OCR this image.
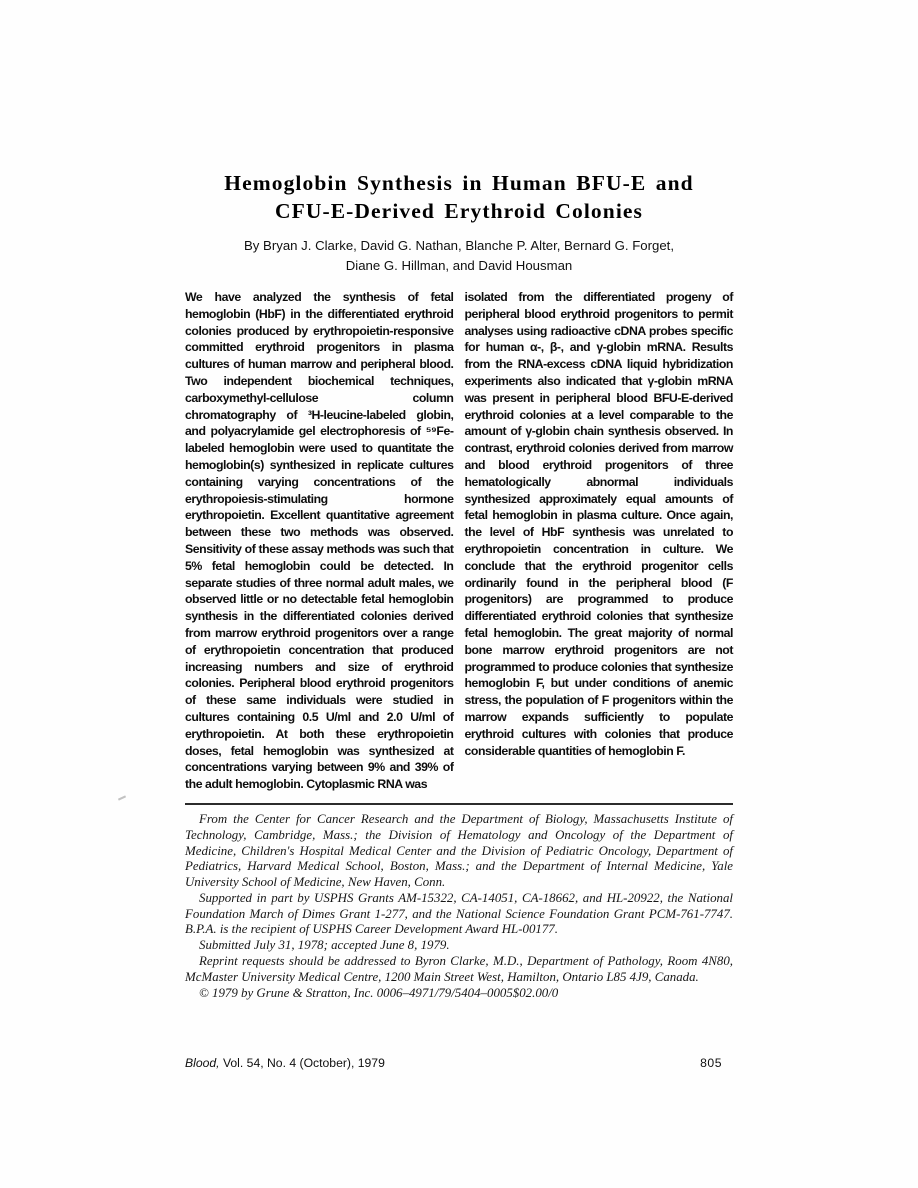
Hemoglobin Synthesis in Human BFU-E and
CFU-E-Derived Erythroid Colonies
By Bryan J. Clarke, David G. Nathan, Blanche P. Alter, Bernard G. Forget,
Diane G. Hillman, and David Housman

We have analyzed the synthesis of fetal hemoglobin (HbF) in the differentiated erythroid colonies produced by erythropoietin-responsive committed erythroid progenitors in plasma cultures of human marrow and peripheral blood. Two independent biochemical techniques, carboxymethyl-cellulose column chromatography of ³H-leucine-labeled globin, and polyacrylamide gel electrophoresis of ⁵⁹Fe-labeled hemoglobin were used to quantitate the hemoglobin(s) synthesized in replicate cultures containing varying concentrations of the erythropoiesis-stimulating hormone erythropoietin. Excellent quantitative agreement between these two methods was observed. Sensitivity of these assay methods was such that 5% fetal hemoglobin could be detected. In separate studies of three normal adult males, we observed little or no detectable fetal hemoglobin synthesis in the differentiated colonies derived from marrow erythroid progenitors over a range of erythropoietin concentration that produced increasing numbers and size of erythroid colonies. Peripheral blood erythroid progenitors of these same individuals were studied in cultures containing 0.5 U/ml and 2.0 U/ml of erythropoietin. At both these erythropoietin doses, fetal hemoglobin was synthesized at concentrations varying between 9% and 39% of the adult hemoglobin. Cytoplasmic RNA was

isolated from the differentiated progeny of peripheral blood erythroid progenitors to permit analyses using radioactive cDNA probes specific for human α-, β-, and γ-globin mRNA. Results from the RNA-excess cDNA liquid hybridization experiments also indicated that γ-globin mRNA was present in peripheral blood BFU-E-derived erythroid colonies at a level comparable to the amount of γ-globin chain synthesis observed. In contrast, erythroid colonies derived from marrow and blood erythroid progenitors of three hematologically abnormal individuals synthesized approximately equal amounts of fetal hemoglobin in plasma culture. Once again, the level of HbF synthesis was unrelated to erythropoietin concentration in culture. We conclude that the erythroid progenitor cells ordinarily found in the peripheral blood (F progenitors) are programmed to produce differentiated erythroid colonies that synthesize fetal hemoglobin. The great majority of normal bone marrow erythroid progenitors are not programmed to produce colonies that synthesize hemoglobin F, but under conditions of anemic stress, the population of F progenitors within the marrow expands sufficiently to populate erythroid cultures with colonies that produce considerable quantities of hemoglobin F.

From the Center for Cancer Research and the Department of Biology, Massachusetts Institute of Technology, Cambridge, Mass.; the Division of Hematology and Oncology of the Department of Medicine, Children's Hospital Medical Center and the Division of Pediatric Oncology, Department of Pediatrics, Harvard Medical School, Boston, Mass.; and the Department of Internal Medicine, Yale University School of Medicine, New Haven, Conn.

Supported in part by USPHS Grants AM-15322, CA-14051, CA-18662, and HL-20922, the National Foundation March of Dimes Grant 1-277, and the National Science Foundation Grant PCM-761-7747. B.P.A. is the recipient of USPHS Career Development Award HL-00177.

Submitted July 31, 1978; accepted June 8, 1979.

Reprint requests should be addressed to Byron Clarke, M.D., Department of Pathology, Room 4N80, McMaster University Medical Centre, 1200 Main Street West, Hamilton, Ontario L85 4J9, Canada.

© 1979 by Grune & Stratton, Inc. 0006–4971/79/5404–0005$02.00/0

Blood, Vol. 54, No. 4 (October), 1979	805
